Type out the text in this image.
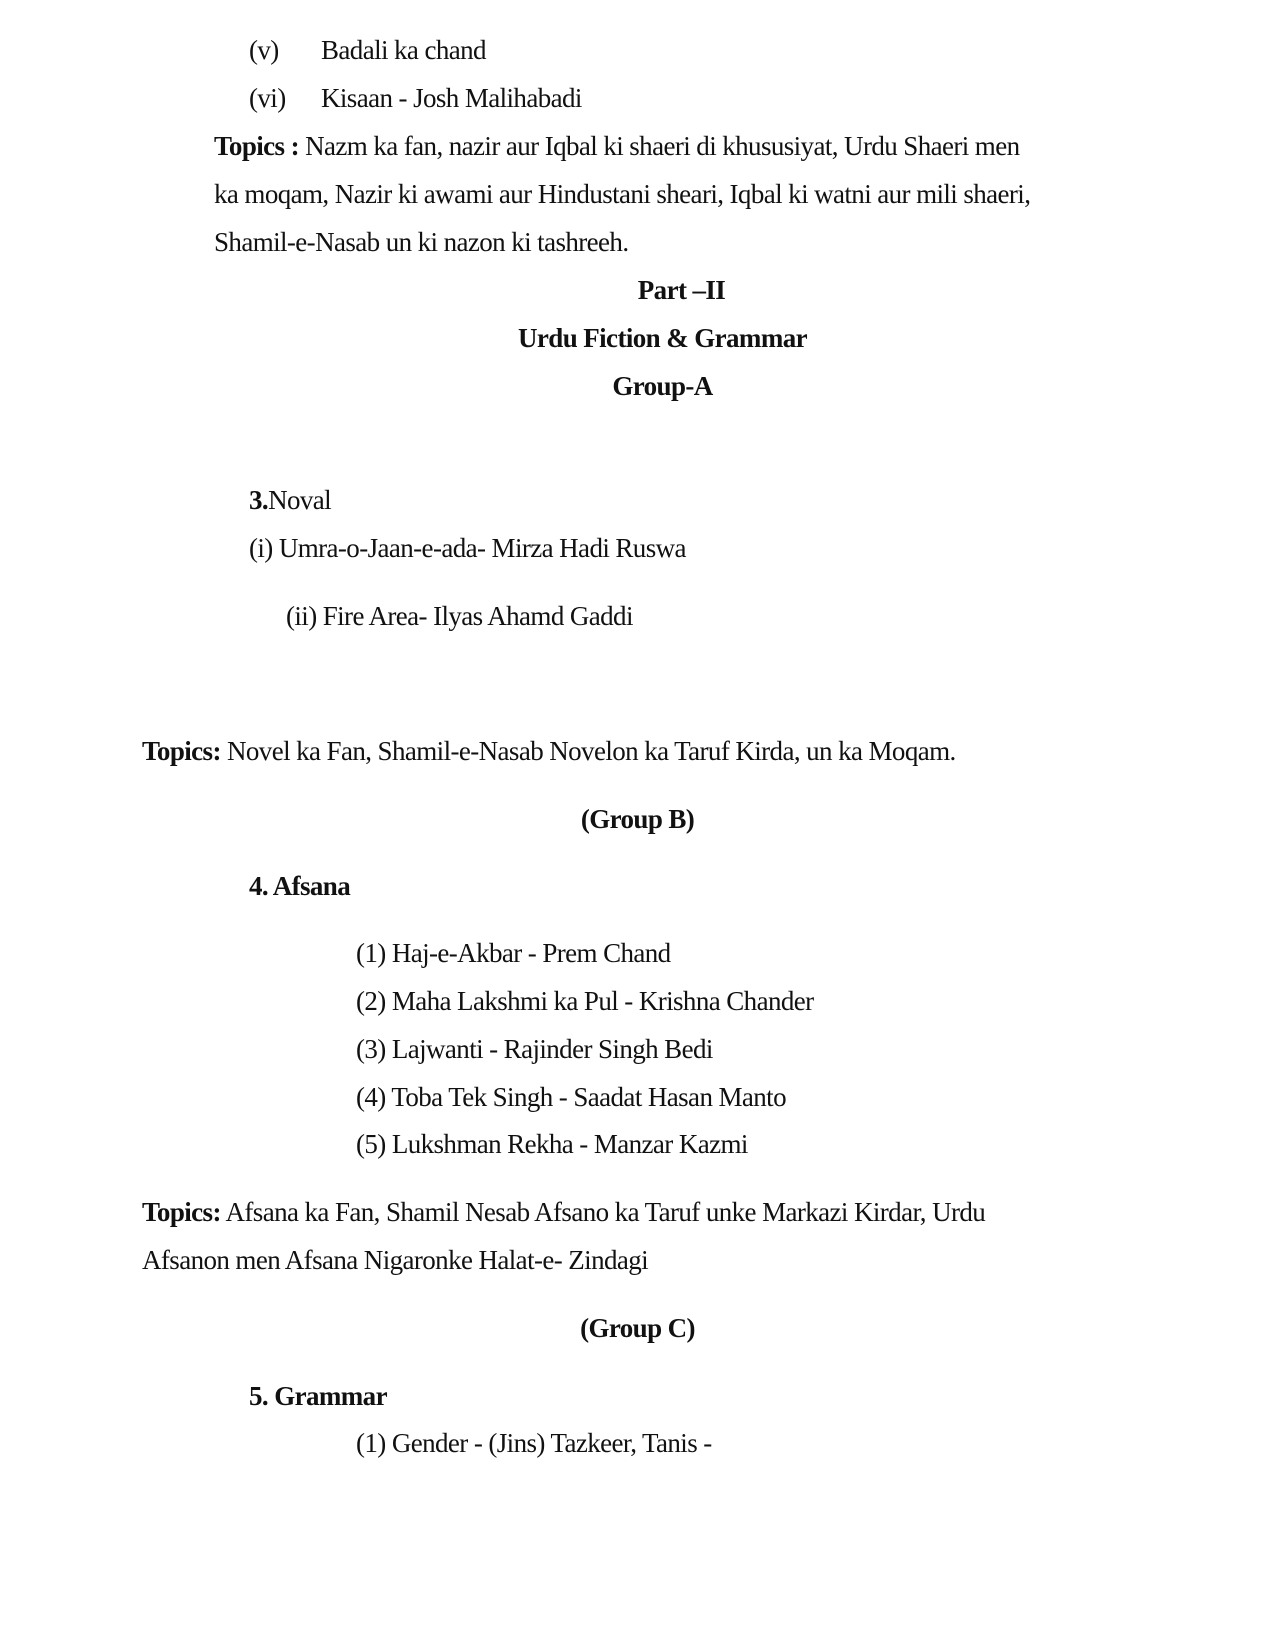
(v) Badali ka chand
(vi) Kisaan - Josh Malihabadi
Topics : Nazm ka fan, nazir aur Iqbal ki shaeri di khususiyat, Urdu Shaeri men
ka moqam, Nazir ki awami aur Hindustani sheari, Iqbal ki watni aur mili shaeri,
Shamil-e-Nasab un ki nazon ki tashreeh.
Part –II
Urdu Fiction & Grammar
Group-A
3.Noval
(i) Umra-o-Jaan-e-ada- Mirza Hadi Ruswa
(ii) Fire Area- Ilyas Ahamd Gaddi
Topics: Novel ka Fan, Shamil-e-Nasab Novelon ka Taruf Kirda, un ka Moqam.
(Group B)
4. Afsana
(1) Haj-e-Akbar - Prem Chand
(2) Maha Lakshmi ka Pul - Krishna Chander
(3) Lajwanti - Rajinder Singh Bedi
(4) Toba Tek Singh - Saadat Hasan Manto
(5) Lukshman Rekha - Manzar Kazmi
Topics: Afsana ka Fan, Shamil Nesab Afsano ka Taruf unke Markazi Kirdar, Urdu
Afsanon men Afsana Nigaronke Halat-e- Zindagi
(Group C)
5. Grammar
(1) Gender - (Jins) Tazkeer, Tanis -
